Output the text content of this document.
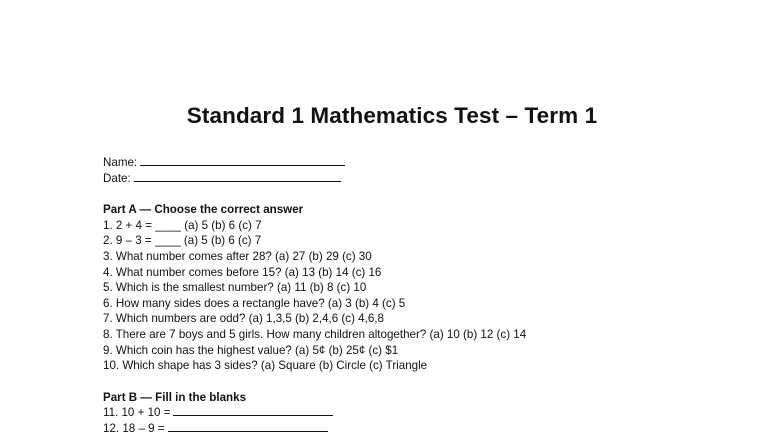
Standard 1 Mathematics Test – Term 1
Name:
Date:
Part A — Choose the correct answer
1. 2 + 4 = ____ (a) 5 (b) 6 (c) 7
2. 9 – 3 = ____ (a) 5 (b) 6 (c) 7
3. What number comes after 28? (a) 27 (b) 29 (c) 30
4. What number comes before 15? (a) 13 (b) 14 (c) 16
5. Which is the smallest number? (a) 11 (b) 8 (c) 10
6. How many sides does a rectangle have? (a) 3 (b) 4 (c) 5
7. Which numbers are odd? (a) 1,3,5 (b) 2,4,6 (c) 4,6,8
8. There are 7 boys and 5 girls. How many children altogether? (a) 10 (b) 12 (c) 14
9. Which coin has the highest value? (a) 5¢ (b) 25¢ (c) $1
10. Which shape has 3 sides? (a) Square (b) Circle (c) Triangle
Part B — Fill in the blanks
11. 10 + 10 =
12. 18 – 9 =
